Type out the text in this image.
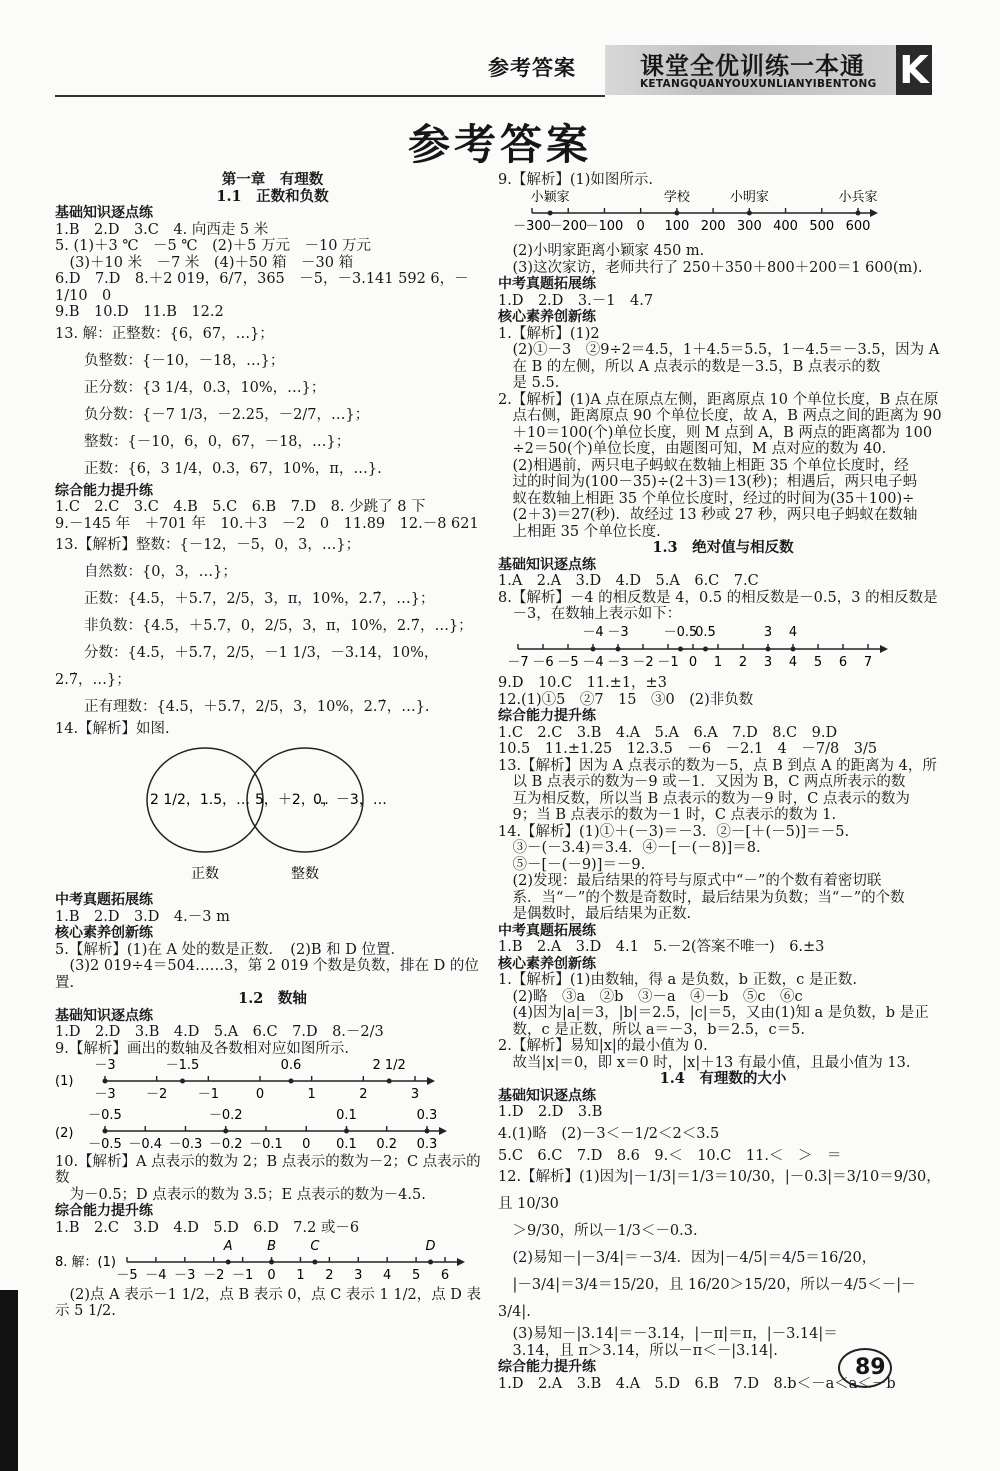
参考答案	课堂全优训练一本通
KETANGQUANYOUXUNLIANYIBENTONG K
参考答案
第一章　有理数
1.1　正数和负数
基础知识逐点练
1.B　2.D　3.C　4. 向西走 5 米
5. (1)＋3 ℃　－5 ℃　(2)＋5 万元　－10 万元
　(3)＋10 米　－7 米　(4)＋50 箱　－30 箱
6.D　7.D　8.＋2 019，6/7，365　－5，－3.141 592 6，－1/10　0
9.B　10.D　11.B　12.2
13. 解：正整数：{6，67，…}；
　　负整数：{－10，－18，…}；
　　正分数：{3 1/4，0.3，10%，…}；
　　负分数：{－7 1/3，－2.25，－2/7，…}；
　　整数：{－10，6，0，67，－18，…}；
　　正数：{6，3 1/4，0.3，67，10%，π，…}.
综合能力提升练
1.C　2.C　3.C　4.B　5.C　6.B　7.D　8. 少跳了 8 下
9.－145 年　＋701 年　10.＋3　－2　0　11.89　12.－8 621
13.【解析】整数：{－12，－5，0，3，…}；
　　自然数：{0，3，…}；
　　正数：{4.5，＋5.7，2/5，3，π，10%，2.7̇，…}；
　　非负数：{4.5，＋5.7，0，2/5，3，π，10%，2.7̇，…}；
　　分数：{4.5，＋5.7，2/5，－1 1/3，－3.14，10%，2.7̇，…}；
　　正有理数：{4.5，＋5.7，2/5，3，10%，2.7̇，…}.
14.【解析】如图.
2 1/2，1.5，… 5，＋2，…
0，－3，…
正数	整数
中考真题拓展练
1.B　2.D　3.D　4.－3 m
核心素养创新练
5.【解析】(1)在 A 处的数是正数．　(2)B 和 D 位置．
　(3)2 019÷4＝504……3，第 2 019 个数是负数，排在 D 的位置.
1.2　数轴
基础知识逐点练
1.D　2.D　3.B　4.D　5.A　6.C　7.D　8.－2/3
9.【解析】画出的数轴及各数相对应如图所示.
(1)
－3 －2 －1	0	1	2	3
－3	－1.5	0.6	2 1/2
(2)
－0.5 －0.4 －0.3 －0.2 －0.1 0 0.1 0.2 0.3
－0.5	－0.2	0.1	0.3
10.【解析】A 点表示的数为 2；B 点表示的数为－2；C 点表示的数
　为－0.5；D 点表示的数为 3.5；E 点表示的数为－4.5.
综合能力提升练
1.B　2.C　3.D　4.D　5.D　6.D　7.2 或－6
8. 解：(1)
－5 －4 －3 －2 －1 0 1 2 3 4 5 6
A	B	C	D
　(2)点 A 表示－1 1/2，点 B 表示 0，点 C 表示 1 1/2，点 D 表示 5 1/2.
9.【解析】(1)如图所示.
－300
－200
－100 0 100 200 300 400 500 600
小颖家	学校	小明家	小兵家
　(2)小明家距离小颖家 450 m.
　(3)这次家访，老师共行了 250＋350＋800＋200＝1 600(m).
中考真题拓展练
1.D　2.D　3.－1　4.7
核心素养创新练
1.【解析】(1)2
　(2)①－3　②9÷2＝4.5，1＋4.5＝5.5，1－4.5＝－3.5，因为 A
　在 B 的左侧，所以 A 点表示的数是－3.5，B 点表示的数
　是 5.5.
2.【解析】(1)A 点在原点左侧，距离原点 10 个单位长度，B 点在原
　点右侧，距离原点 90 个单位长度，故 A，B 两点之间的距离为 90
　＋10＝100(个)单位长度，则 M 点到 A，B 两点的距离都为 100
　÷2＝50(个)单位长度，由题图可知，M 点对应的数为 40.
　(2)相遇前，两只电子蚂蚁在数轴上相距 35 个单位长度时，经
　过的时间为(100－35)÷(2＋3)＝13(秒)；相遇后，两只电子蚂
　蚁在数轴上相距 35 个单位长度时，经过的时间为(35＋100)÷
　(2＋3)＝27(秒)．故经过 13 秒或 27 秒，两只电子蚂蚁在数轴
　上相距 35 个单位长度.
1.3　绝对值与相反数
基础知识逐点练
1.A　2.A　3.D　4.D　5.A　6.C　7.C
8.【解析】－4 的相反数是 4，0.5 的相反数是－0.5，3 的相反数是
　－3，在数轴上表示如下：
－7 －6 －5 －4 －3 －2 －1 0 1 2 3 4 5 6 7
－4 －3	－0.5
0.5	3 4
9.D　10.C　11.±1，±3
12.(1)①5　②7　15　③0　(2)非负数
综合能力提升练
1.C　2.C　3.B　4.A　5.A　6.A　7.D　8.C　9.D
10.5　11.±1.25　12.3.5　－6　－2.1　4　－7/8　3/5
13.【解析】因为 A 点表示的数为－5，点 B 到点 A 的距离为 4，所
　以 B 点表示的数为－9 或－1．又因为 B，C 两点所表示的数
　互为相反数，所以当 B 点表示的数为－9 时，C 点表示的数为
　9；当 B 点表示的数为－1 时，C 点表示的数为 1.
14.【解析】(1)①＋(－3)＝－3．②－[＋(－5)]＝－5.
　③－(－3.4)＝3.4．④－[－(－8)]＝8.
　⑤－[－(－9)]＝－9.
　(2)发现：最后结果的符号与原式中“－”的个数有着密切联
　系．当“－”的个数是奇数时，最后结果为负数；当“－”的个数
　是偶数时，最后结果为正数.
中考真题拓展练
1.B　2.A　3.D　4.1　5.－2(答案不唯一)　6.±3
核心素养创新练
1.【解析】(1)由数轴，得 a 是负数，b 正数，c 是正数.
　(2)略　③a　②b　③－a　④－b　⑤c　⑥c
　(4)因为|a|＝3，|b|＝2.5，|c|＝5，又由(1)知 a 是负数，b 是正
　数，c 是正数，所以 a＝－3，b＝2.5，c＝5.
2.【解析】易知|x|的最小值为 0.
　故当|x|＝0，即 x＝0 时，|x|＋13 有最小值，且最小值为 13.
1.4　有理数的大小
基础知识逐点练
1.D　2.D　3.B
4.(1)略　(2)－3＜－1/2＜2＜3.5
5.C　6.C　7.D　8.6　9.＜　10.C　11.＜　＞　＝
12.【解析】(1)因为|－1/3|＝1/3＝10/30，|－0.3|＝3/10＝9/30，且 10/30
　＞9/30，所以－1/3＜－0.3.
　(2)易知－|－3/4|＝－3/4．因为|－4/5|＝4/5＝16/20，
　|－3/4|＝3/4＝15/20，且 16/20＞15/20，所以－4/5＜－|－3/4|.
　(3)易知－|3.14|＝－3.14，|－π|＝π，|－3.14|＝
　3.14，且 π＞3.14，所以－π＜－|3.14|.
综合能力提升练
1.D　2.A　3.B　4.A　5.D　6.B　7.D　8.b＜－a＜a＜－b
89
